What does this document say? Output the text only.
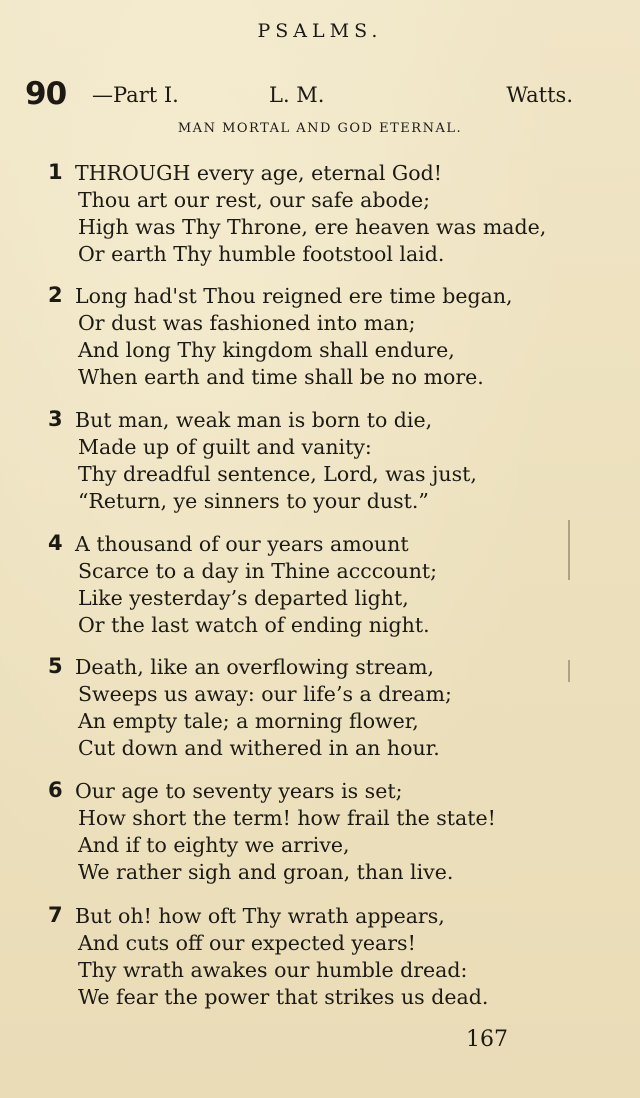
PSALMS.
90 —Part I.	L. M.	Watts.
MAN MORTAL AND GOD ETERNAL.
1 THROUGH every age, eternal God!
Thou art our rest, our safe abode;
High was Thy Throne, ere heaven was made,
Or earth Thy humble footstool laid.
2 Long had'st Thou reigned ere time began,
Or dust was fashioned into man;
And long Thy kingdom shall endure,
When earth and time shall be no more.
3 But man, weak man is born to die,
Made up of guilt and vanity:
Thy dreadful sentence, Lord, was just,
“Return, ye sinners to your dust.”
4 A thousand of our years amount
Scarce to a day in Thine acccount;
Like yesterday’s departed light,
Or the last watch of ending night.
5 Death, like an overflowing stream,
Sweeps us away: our life’s a dream;
An empty tale; a morning flower,
Cut down and withered in an hour.
6 Our age to seventy years is set;
How short the term! how frail the state!
And if to eighty we arrive,
We rather sigh and groan, than live.
7 But oh! how oft Thy wrath appears,
And cuts off our expected years!
Thy wrath awakes our humble dread:
We fear the power that strikes us dead.
167
